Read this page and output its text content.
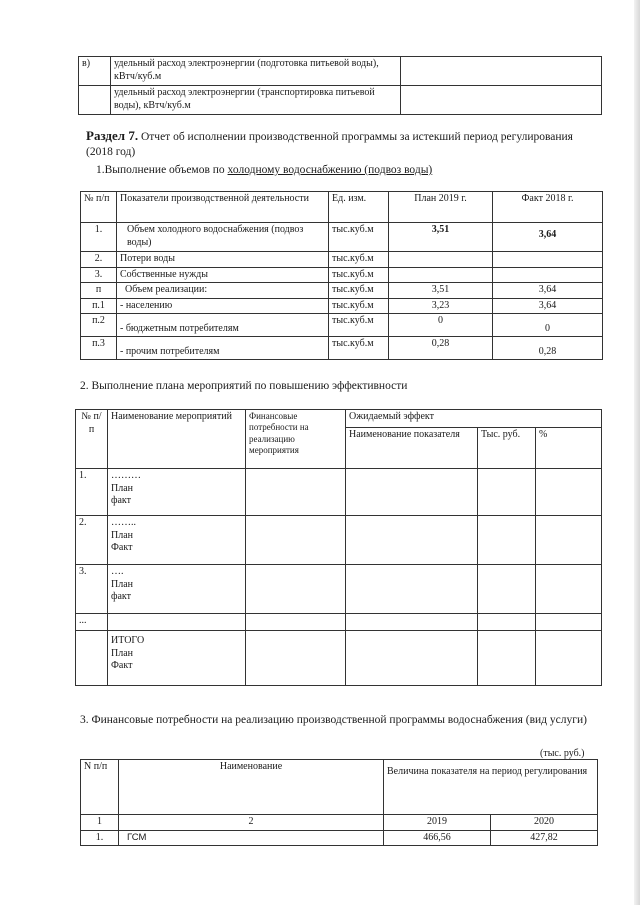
в)	удельный расход электроэнергии (подготовка питьевой воды), кВтч/куб.м	
	удельный расход электроэнергии (транспортировка питьевой воды), кВтч/куб.м	
Раздел 7. Отчет об исполнении производственной программы за истекший период регулирования
(2018 год)
1.Выполнение объемов по холодному водоснабжению (подвоз воды)
№ п/п	Показатели производственной деятельности	Ед. изм.	План 2019 г.	Факт 2018 г.
1.	Объем холодного водоснабжения (подвоз воды)	тыс.куб.м	3,51	3,64
2.	Потери воды	тыс.куб.м		
3.	Собственные нужды	тыс.куб.м		
п	Объем реализации:	тыс.куб.м	3,51	3,64
п.1	- населению	тыс.куб.м	3,23	3,64
п.2	- бюджетным потребителям	тыс.куб.м	0	0
п.3	- прочим потребителям	тыс.куб.м	0,28	0,28
2. Выполнение плана мероприятий по повышению эффективности
№ п/п	Наименование мероприятий	Финансовые потребности на реализацию мероприятия	Ожидаемый эффект		
			Наименование показателя	Тыс. руб.	%
1.	………
План
факт				

2.	……..
План
Факт				

3.	….
План
факт				

...					

	ИТОГО
План
Факт				

3. Финансовые потребности на реализацию производственной программы водоснабжения (вид услуги)
(тыс. руб.)
N п/п	Наименование	Величина показателя на период регулирования	
1	2	2019	2020
1.	ГСМ	466,56	427,82
